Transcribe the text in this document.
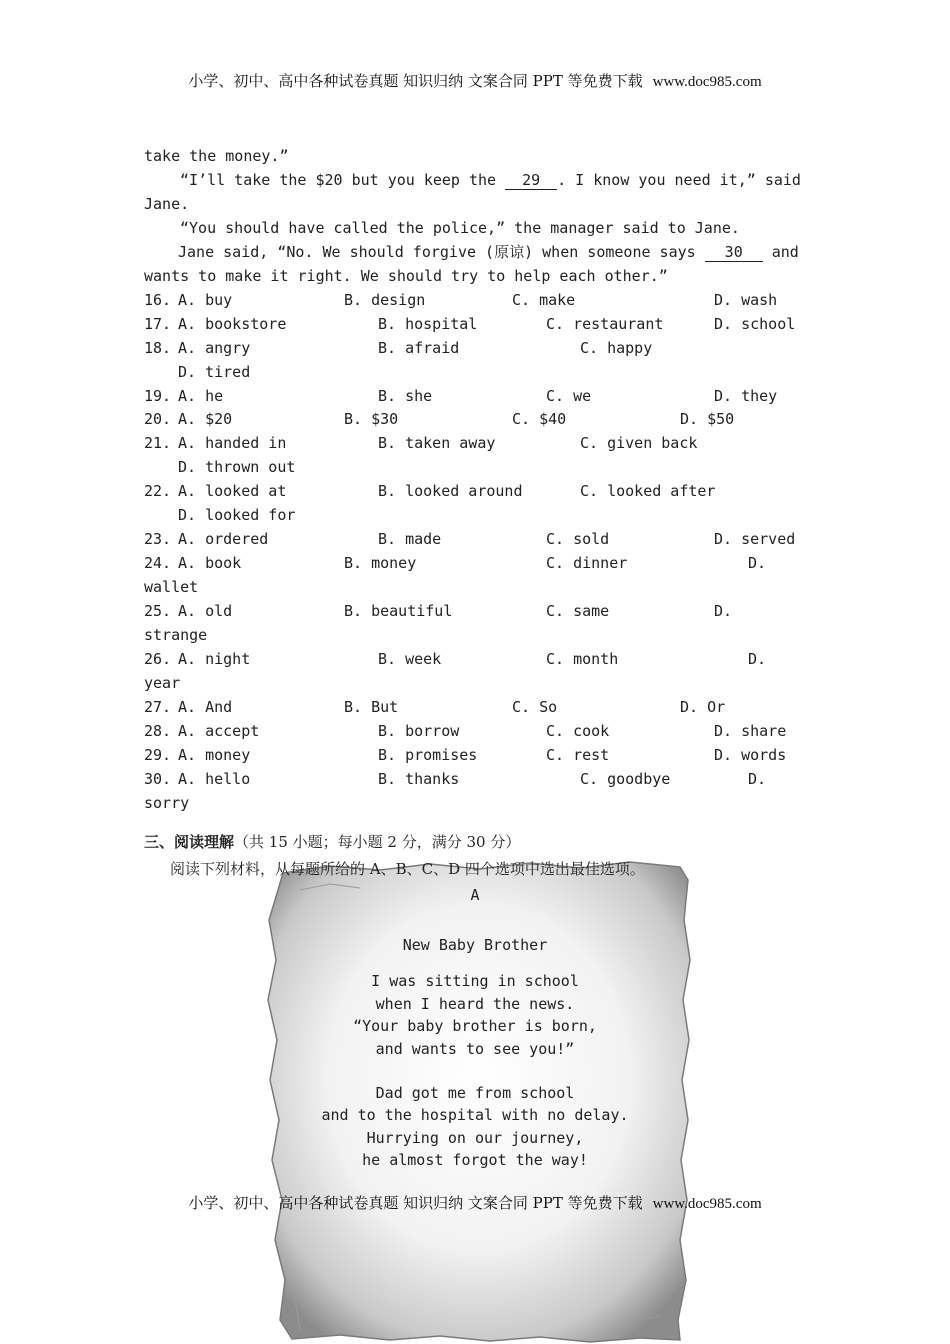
小学、初中、高中各种试卷真题 知识归纳 文案合同 PPT 等免费下载 www.doc985.com
take the money.”
“I’ll take the $20 but you keep the 29 . I know you need it,” said
Jane.
“You should have called the police,” the manager said to Jane.
Jane said, “No. We should forgive (原谅) when someone says 30 and
wants to make it right. We should try to help each other.”
16. A. buy	B. design	C. make	D. wash
17. A. bookstore	B. hospital	C. restaurant	D. school
18. A. angry	B. afraid	C. happy
D. tired
19. A. he	B. she	C. we	D. they
20. A. $20	B. $30	C. $40	D. $50
21. A. handed in	B. taken away	C. given back
D. thrown out
22. A. looked at	B. looked around	C. looked after
D. looked for
23. A. ordered	B. made	C. sold	D. served
24. A. book	B. money	C. dinner	D.
wallet
25. A. old	B. beautiful	C. same	D.
strange
26. A. night	B. week	C. month	D.
year
27. A. And	B. But	C. So	D. Or
28. A. accept	B. borrow	C. cook	D. share
29. A. money	B. promises	C. rest	D. words
30. A. hello	B. thanks	C. goodbye	D.
sorry
三、阅读理解（共 15 小题；每小题 2 分，满分 30 分）
阅读下列材料，从每题所给的 A、B、C、D 四个选项中选出最佳选项。
A
New Baby Brother
I was sitting in school
when I heard the news.
“Your baby brother is born,
and wants to see you!”
Dad got me from school
and to the hospital with no delay.
Hurrying on our journey,
he almost forgot the way!
小学、初中、高中各种试卷真题 知识归纳 文案合同 PPT 等免费下载 www.doc985.com
